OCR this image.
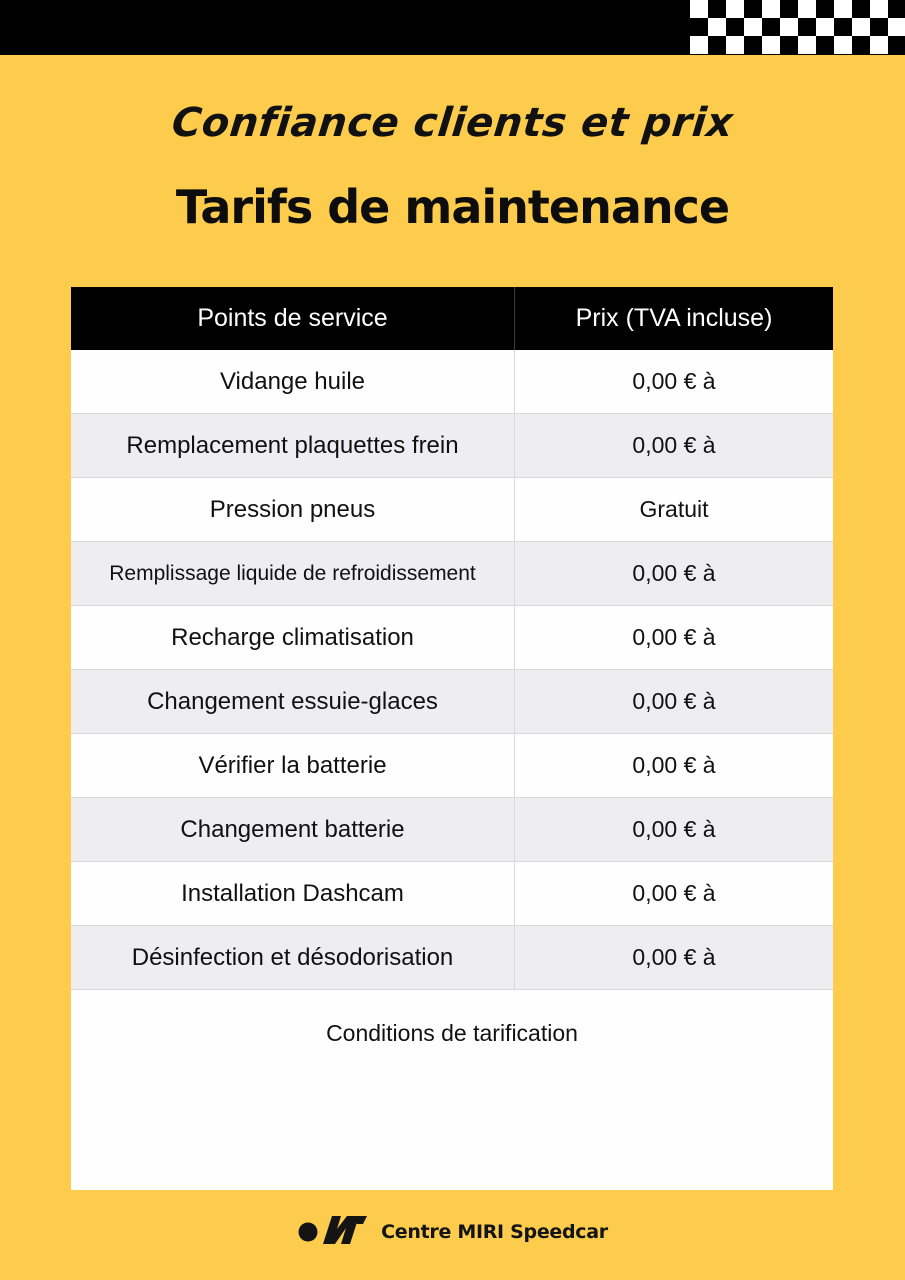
Confiance clients et prix
Tarifs de maintenance
Points de service	Prix (TVA incluse)
Vidange huile	0,00 € à
Remplacement plaquettes frein	0,00 € à
Pression pneus	Gratuit
Remplissage liquide de refroidissement	0,00 € à
Recharge climatisation	0,00 € à
Changement essuie-glaces	0,00 € à
Vérifier la batterie	0,00 € à
Changement batterie	0,00 € à
Installation Dashcam	0,00 € à
Désinfection et désodorisation	0,00 € à
Conditions de tarification
Centre MIRI Speedcar
